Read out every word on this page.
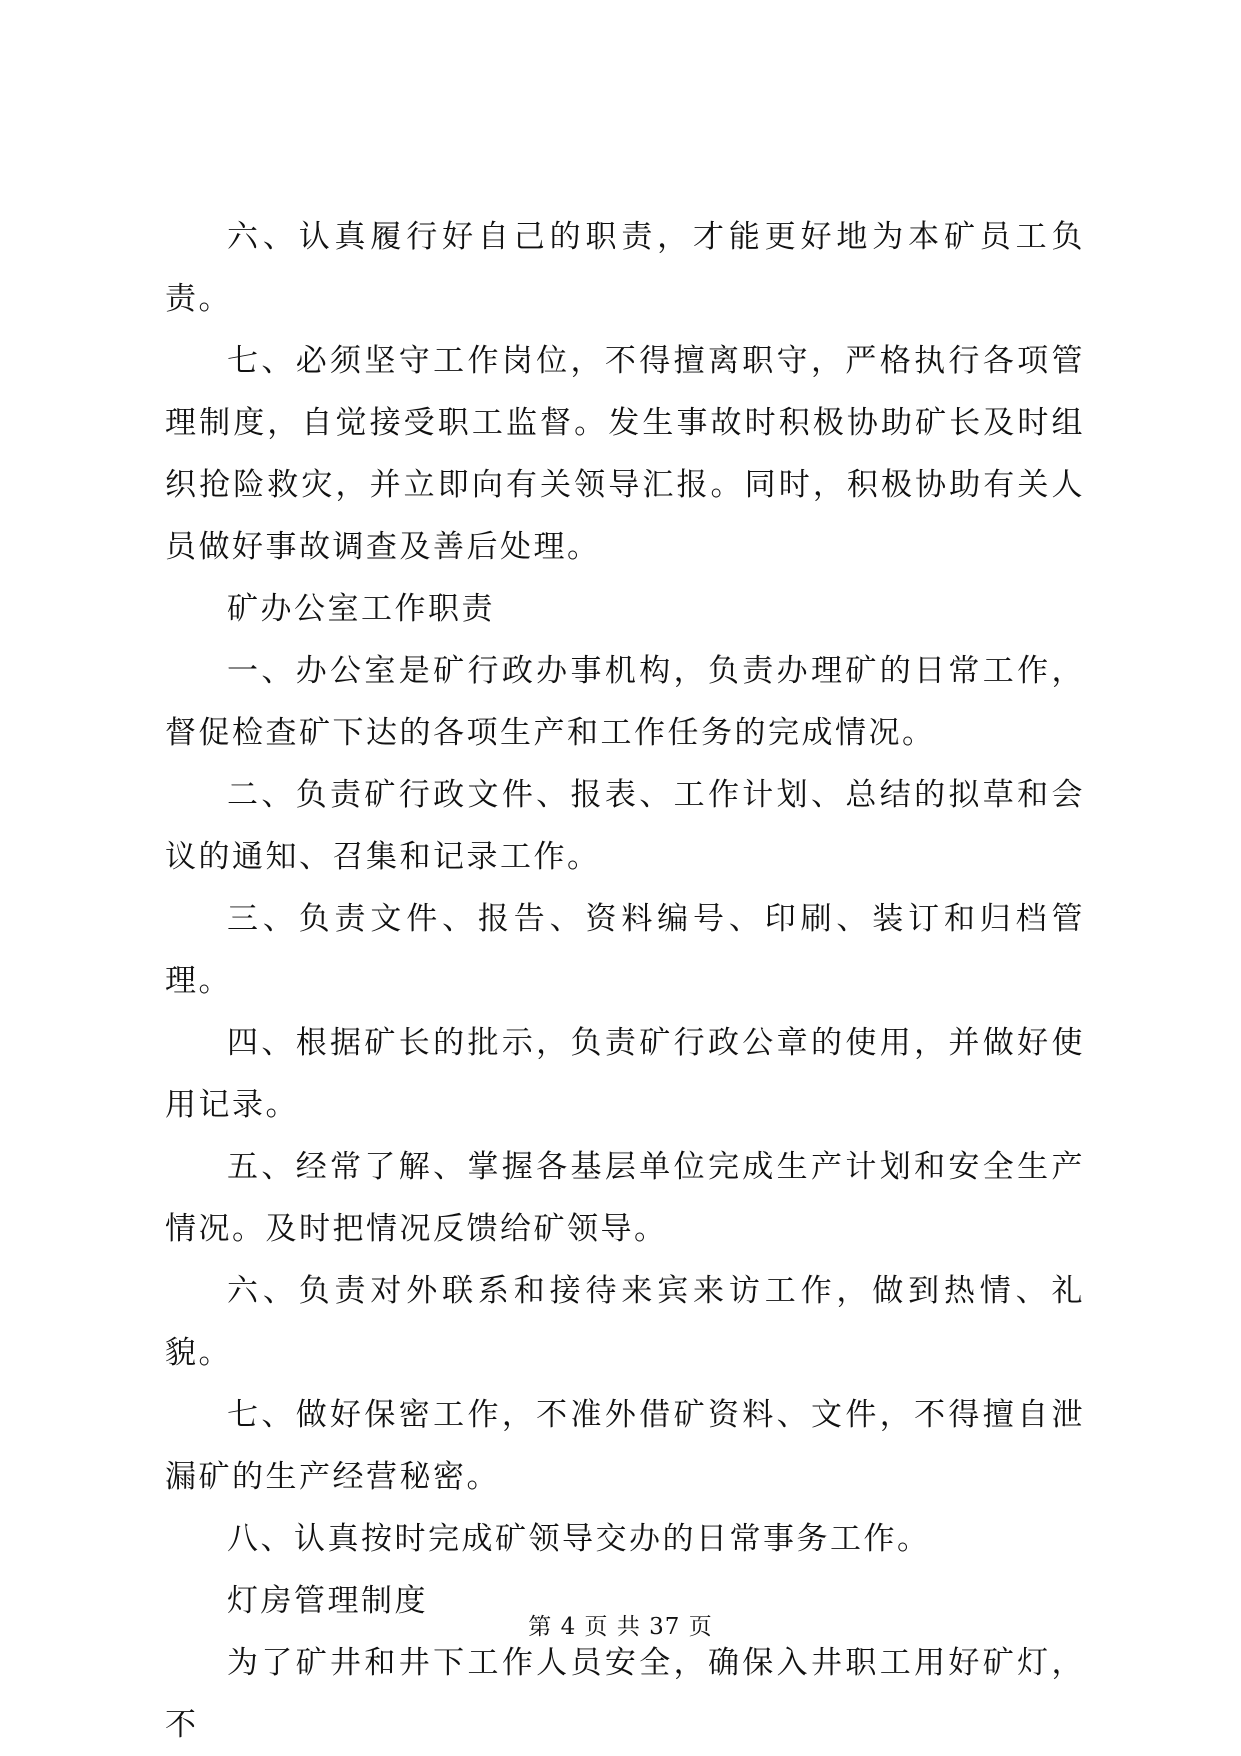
六、认真履行好自己的职责，才能更好地为本矿员工负责。

七、必须坚守工作岗位，不得擅离职守，严格执行各项管理制度，自觉接受职工监督。发生事故时积极协助矿长及时组织抢险救灾，并立即向有关领导汇报。同时，积极协助有关人员做好事故调查及善后处理。

矿办公室工作职责

一、办公室是矿行政办事机构，负责办理矿的日常工作，督促检查矿下达的各项生产和工作任务的完成情况。

二、负责矿行政文件、报表、工作计划、总结的拟草和会议的通知、召集和记录工作。

三、负责文件、报告、资料编号、印刷、装订和归档管理。

四、根据矿长的批示，负责矿行政公章的使用，并做好使用记录。

五、经常了解、掌握各基层单位完成生产计划和安全生产情况。及时把情况反馈给矿领导。

六、负责对外联系和接待来宾来访工作，做到热情、礼貌。

七、做好保密工作，不准外借矿资料、文件，不得擅自泄漏矿的生产经营秘密。

八、认真按时完成矿领导交办的日常事务工作。

灯房管理制度

为了矿井和井下工作人员安全，确保入井职工用好矿灯，不

第 4 页 共 37 页
